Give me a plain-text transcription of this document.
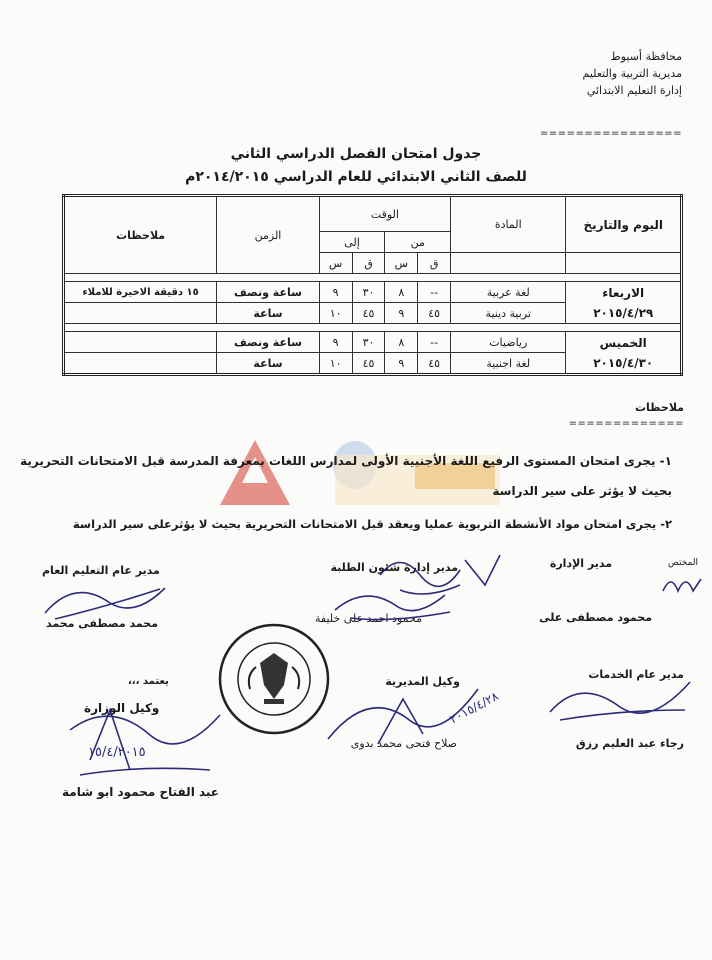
محافظة أسيوط
مديرية التربية والتعليم
إدارة التعليم الابتدائي
================
جدول امتحان الفصل الدراسي الثاني
للصف الثاني الابتدائي للعام الدراسي ٢٠١٤/٢٠١٥م
اليوم والتاريخ	المادة	الوقت				الزمن	ملاحظات
		من		إلى			
		ق	س	ق	س		

الاربعاء
٢٠١٥/٤/٢٩	لغة عربية	--	٨	٣٠	٩	ساعة ونصف	١٥ دقيقة الاخيرة للاملاء
	تربية دينية	٤٥	٩	٤٥	١٠	ساعة	

الخميس
٢٠١٥/٤/٣٠	رياضيات	--	٨	٣٠	٩	ساعة ونصف	
	لغة اجنبية	٤٥	٩	٤٥	١٠	ساعة	
ملاحظات
=============
١- يجرى امتحان المستوى الرفيع اللغة الأجنبية الأولى لمدارس اللغات بمعرفة المدرسة قبل الامتحانات التحريرية
بحيث لا يؤثر على سير الدراسة
٢- يجرى امتحان مواد الأنشطة التربوية عمليا ويعقد قبل الامتحانات التحريرية بحيث لا يؤثرعلى سير الدراسة
المختص
مدير الإدارة
محمود مصطفى على
مدير إدارة شئون الطلبة
محمود احمد على خليفة
مدير عام التعليم العام
محمد مصطفى محمد
مدير عام الخدمات
رجاء عبد العليم رزق
وكيل المديرية
صلاح فتحى محمد بدوى
يعتمد ،،،
وكيل الوزارة
عبد الفتاح محمود ابو شامة
١٥/٤/٢٠١٥
٢٠١٥/٤/٢٨
